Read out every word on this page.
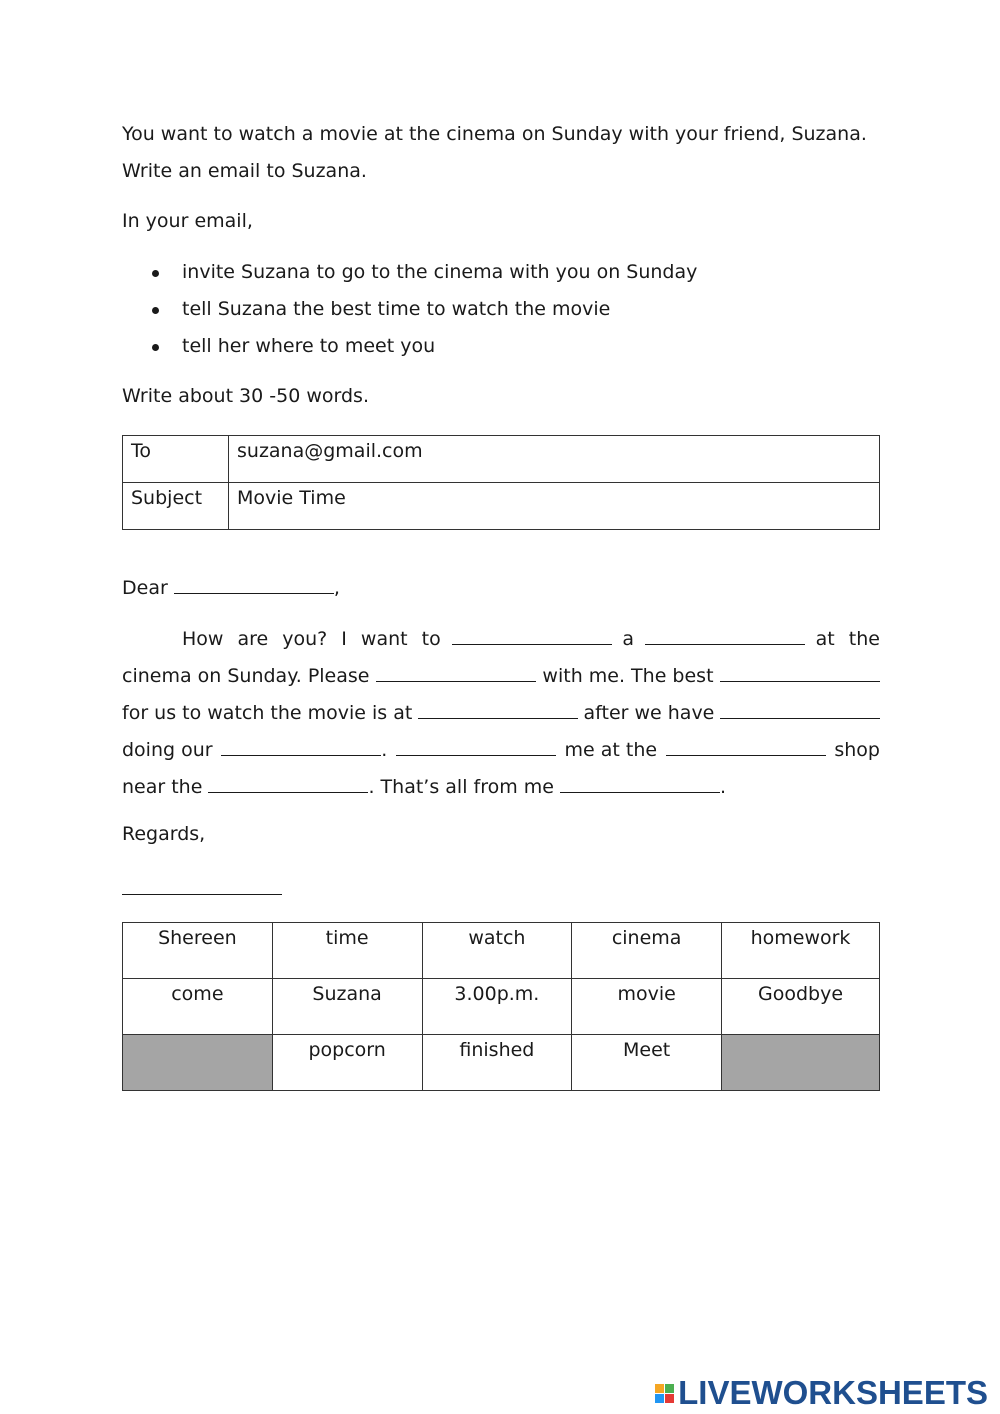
You want to watch a movie at the cinema on Sunday with your friend, Suzana.
Write an email to Suzana.
In your email,
invite Suzana to go to the cinema with you on Sunday
tell Suzana the best time to watch the movie
tell her where to meet you
Write about 30 -50 words.
To	suzana@gmail.com
Subject	Movie Time
Dear	,
How are you? I want to	a	at the
cinema on Sunday. Please	with me. The best
for us to watch the movie is at	after we have
doing our	.	me at the	shop
near the	. That’s all from me	.
Regards,
Shereen	time	watch	cinema	homework
come	Suzana	3.00p.m.	movie	Goodbye
	popcorn	finished	Meet	
LIVEWORKSHEETS
